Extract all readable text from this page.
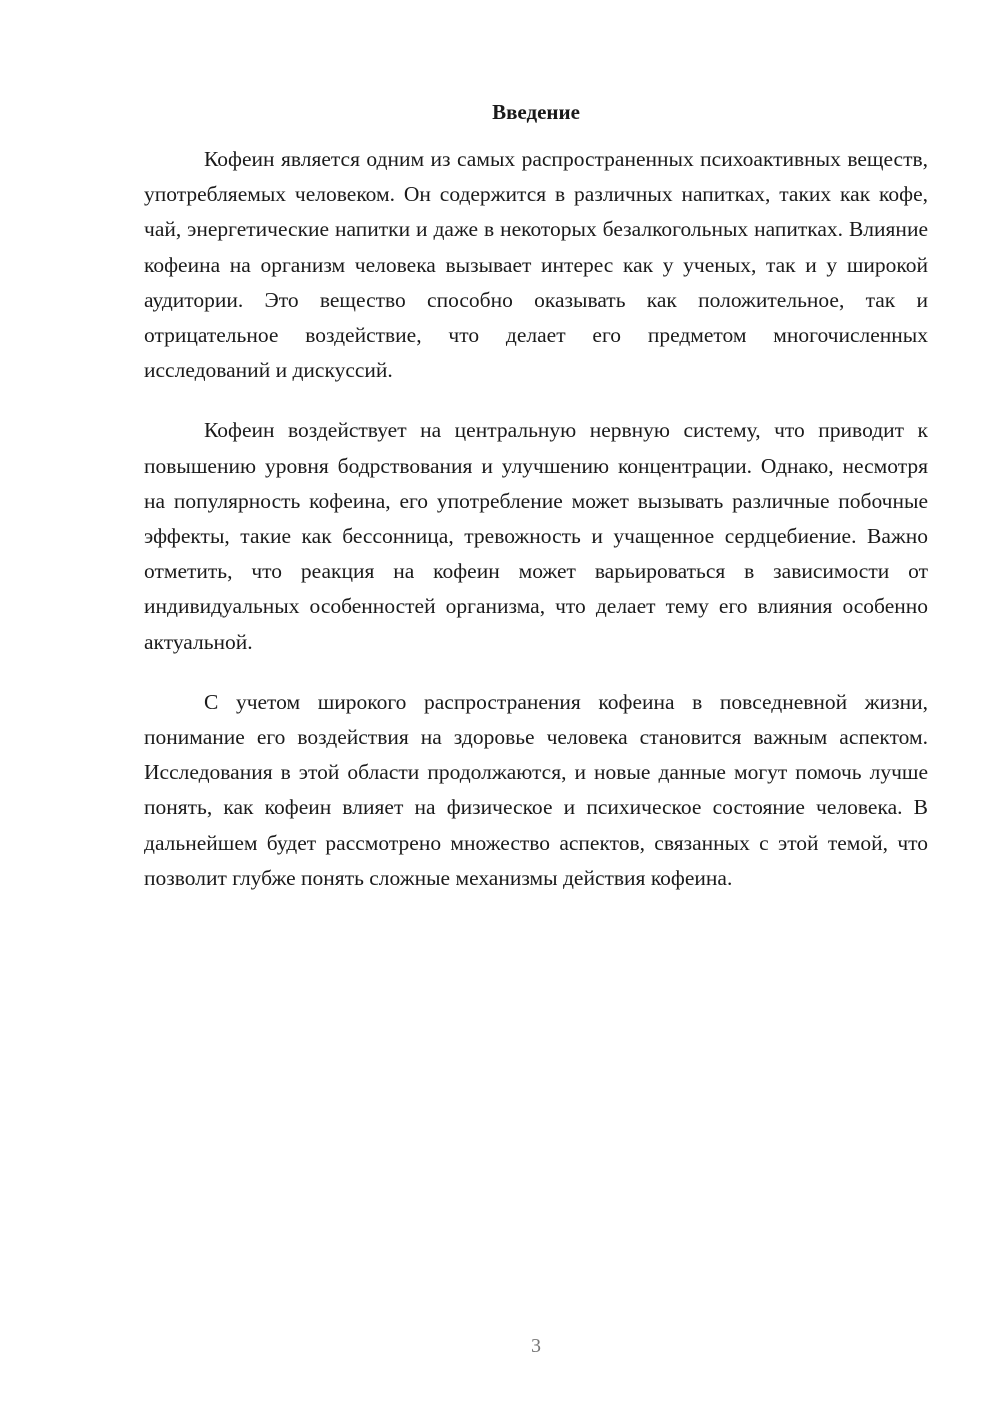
Введение

Кофеин является одним из самых распространенных психоактивных веществ, употребляемых человеком. Он содержится в различных напитках, таких как кофе, чай, энергетические напитки и даже в некоторых безалкогольных напитках. Влияние кофеина на организм человека вызывает интерес как у ученых, так и у широкой аудитории. Это вещество способно оказывать как положительное, так и отрицательное воздействие, что делает его предметом многочисленных исследований и дискуссий.

Кофеин воздействует на центральную нервную систему, что приводит к повышению уровня бодрствования и улучшению концентрации. Однако, несмотря на популярность кофеина, его употребление может вызывать различные побочные эффекты, такие как бессонница, тревожность и учащенное сердцебиение. Важно отметить, что реакция на кофеин может варьироваться в зависимости от индивидуальных особенностей организма, что делает тему его влияния особенно актуальной.

С учетом широкого распространения кофеина в повседневной жизни, понимание его воздействия на здоровье человека становится важным аспектом. Исследования в этой области продолжаются, и новые данные могут помочь лучше понять, как кофеин влияет на физическое и психическое состояние человека. В дальнейшем будет рассмотрено множество аспектов, связанных с этой темой, что позволит глубже понять сложные механизмы действия кофеина.

3
